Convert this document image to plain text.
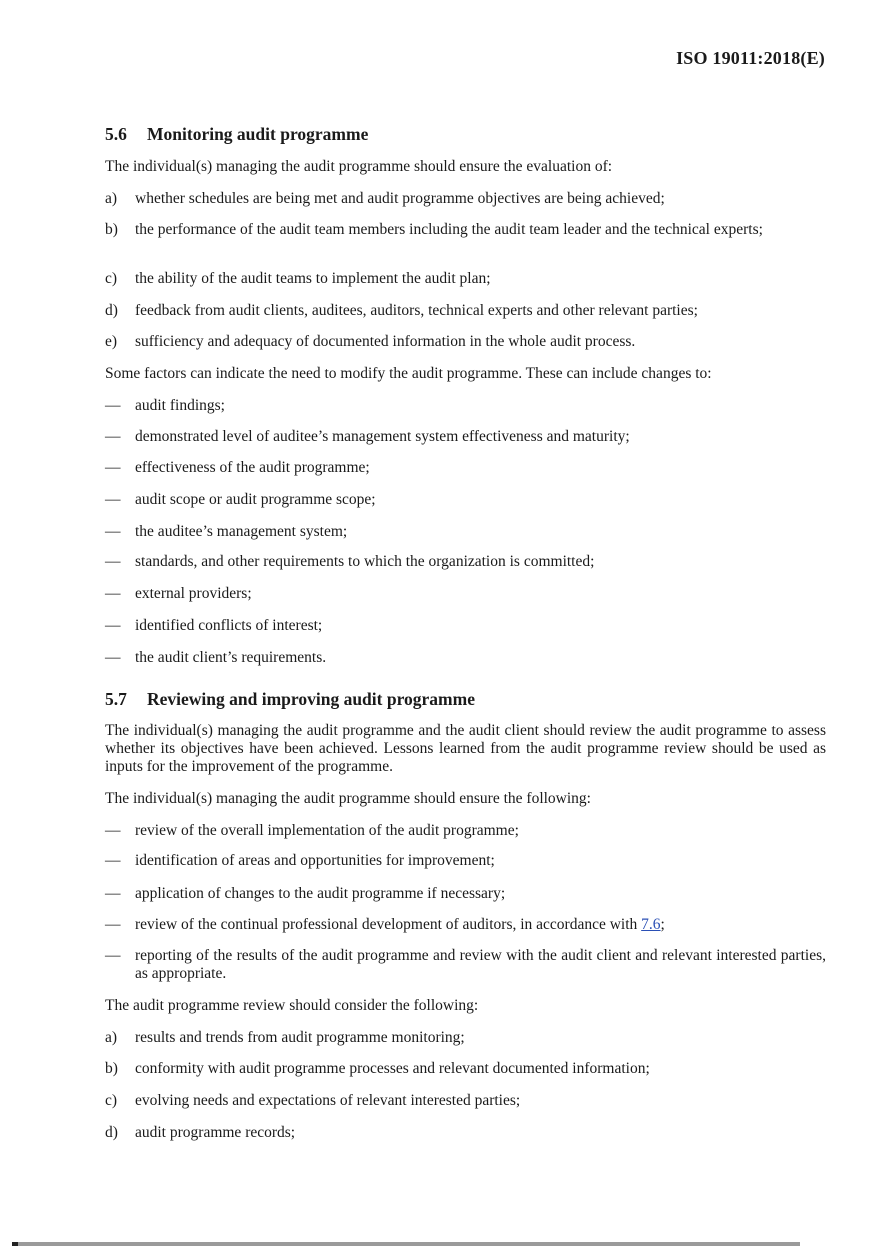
ISO 19011:2018(E)
5.6 Monitoring audit programme
The individual(s) managing the audit programme should ensure the evaluation of:
a)	whether schedules are being met and audit programme objectives are being achieved;
b)	the performance of the audit team members including the audit team leader and the technical experts;
c)	the ability of the audit teams to implement the audit plan;
d)	feedback from audit clients, auditees, auditors, technical experts and other relevant parties;
e)	sufficiency and adequacy of documented information in the whole audit process.
Some factors can indicate the need to modify the audit programme. These can include changes to:
— audit findings;
— demonstrated level of auditee’s management system effectiveness and maturity;
— effectiveness of the audit programme;
— audit scope or audit programme scope;
— the auditee’s management system;
— standards, and other requirements to which the organization is committed;
— external providers;
— identified conflicts of interest;
— the audit client’s requirements.
5.7 Reviewing and improving audit programme
The individual(s) managing the audit programme and the audit client should review the audit programme to assess whether its objectives have been achieved. Lessons learned from the audit programme review should be used as inputs for the improvement of the programme.
The individual(s) managing the audit programme should ensure the following:
— review of the overall implementation of the audit programme;
— identification of areas and opportunities for improvement;
— application of changes to the audit programme if necessary;
— review of the continual professional development of auditors, in accordance with 7.6;
— reporting of the results of the audit programme and review with the audit client and relevant interested parties, as appropriate.
The audit programme review should consider the following:
a)	results and trends from audit programme monitoring;
b)	conformity with audit programme processes and relevant documented information;
c)	evolving needs and expectations of relevant interested parties;
d)	audit programme records;
